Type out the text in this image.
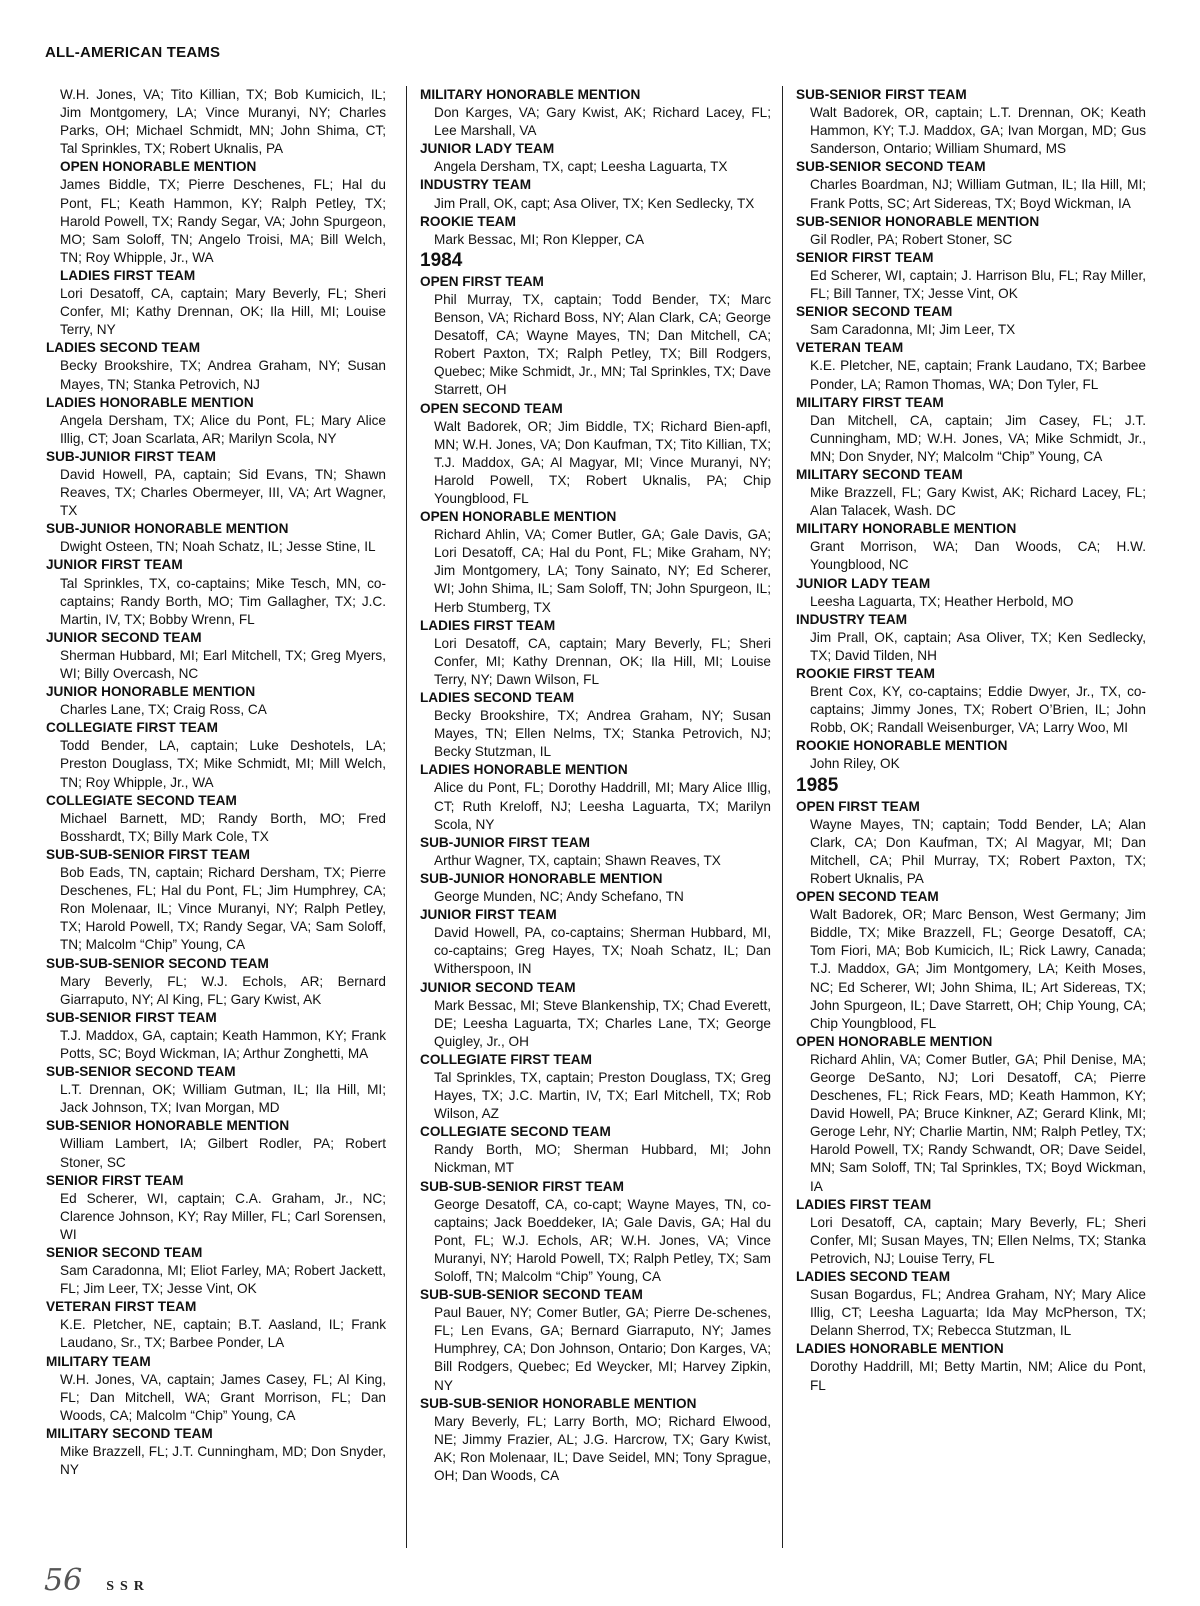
ALL-AMERICAN TEAMS
W.H. Jones, VA; Tito Killian, TX; Bob Kumicich, IL; Jim Montgomery, LA; Vince Muranyi, NY; Charles Parks, OH; Michael Schmidt, MN; John Shima, CT; Tal Sprinkles, TX; Robert Uknalis, PA
OPEN HONORABLE MENTION
James Biddle, TX; Pierre Deschenes, FL; Hal du Pont, FL; Keath Hammon, KY; Ralph Petley, TX; Harold Powell, TX; Randy Segar, VA; John Spurgeon, MO; Sam Soloff, TN; Angelo Troisi, MA; Bill Welch, TN; Roy Whipple, Jr., WA
LADIES FIRST TEAM
Lori Desatoff, CA, captain; Mary Beverly, FL; Sheri Confer, MI; Kathy Drennan, OK; Ila Hill, MI; Louise Terry, NY
LADIES SECOND TEAM
Becky Brookshire, TX; Andrea Graham, NY; Susan Mayes, TN; Stanka Petrovich, NJ
LADIES HONORABLE MENTION
Angela Dersham, TX; Alice du Pont, FL; Mary Alice Illig, CT; Joan Scarlata, AR; Marilyn Scola, NY
SUB-JUNIOR FIRST TEAM
David Howell, PA, captain; Sid Evans, TN; Shawn Reaves, TX; Charles Obermeyer, III, VA; Art Wagner, TX
SUB-JUNIOR HONORABLE MENTION
Dwight Osteen, TN; Noah Schatz, IL; Jesse Stine, IL
JUNIOR FIRST TEAM
Tal Sprinkles, TX, co-captains; Mike Tesch, MN, co-captains; Randy Borth, MO; Tim Gallagher, TX; J.C. Martin, IV, TX; Bobby Wrenn, FL
JUNIOR SECOND TEAM
Sherman Hubbard, MI; Earl Mitchell, TX; Greg Myers, WI; Billy Overcash, NC
JUNIOR HONORABLE MENTION
Charles Lane, TX; Craig Ross, CA
COLLEGIATE FIRST TEAM
Todd Bender, LA, captain; Luke Deshotels, LA; Preston Douglass, TX; Mike Schmidt, MI; Mill Welch, TN; Roy Whipple, Jr., WA
COLLEGIATE SECOND TEAM
Michael Barnett, MD; Randy Borth, MO; Fred Bosshardt, TX; Billy Mark Cole, TX
SUB-SUB-SENIOR FIRST TEAM
Bob Eads, TN, captain; Richard Dersham, TX; Pierre Deschenes, FL; Hal du Pont, FL; Jim Humphrey, CA; Ron Molenaar, IL; Vince Muranyi, NY; Ralph Petley, TX; Harold Powell, TX; Randy Segar, VA; Sam Soloff, TN; Malcolm “Chip” Young, CA
SUB-SUB-SENIOR SECOND TEAM
Mary Beverly, FL; W.J. Echols, AR; Bernard Giarraputo, NY; Al King, FL; Gary Kwist, AK
SUB-SENIOR FIRST TEAM
T.J. Maddox, GA, captain; Keath Hammon, KY; Frank Potts, SC; Boyd Wickman, IA; Arthur Zonghetti, MA
SUB-SENIOR SECOND TEAM
L.T. Drennan, OK; William Gutman, IL; Ila Hill, MI; Jack Johnson, TX; Ivan Morgan, MD
SUB-SENIOR HONORABLE MENTION
William Lambert, IA; Gilbert Rodler, PA; Robert Stoner, SC
SENIOR FIRST TEAM
Ed Scherer, WI, captain; C.A. Graham, Jr., NC; Clarence Johnson, KY; Ray Miller, FL; Carl Sorensen, WI
SENIOR SECOND TEAM
Sam Caradonna, MI; Eliot Farley, MA; Robert Jackett, FL; Jim Leer, TX; Jesse Vint, OK
VETERAN FIRST TEAM
K.E. Pletcher, NE, captain; B.T. Aasland, IL; Frank Laudano, Sr., TX; Barbee Ponder, LA
MILITARY TEAM
W.H. Jones, VA, captain; James Casey, FL; Al King, FL; Dan Mitchell, WA; Grant Morrison, FL; Dan Woods, CA; Malcolm “Chip” Young, CA
MILITARY SECOND TEAM
Mike Brazzell, FL; J.T. Cunningham, MD; Don Snyder, NY
MILITARY HONORABLE MENTION
Don Karges, VA; Gary Kwist, AK; Richard Lacey, FL; Lee Marshall, VA
JUNIOR LADY TEAM
Angela Dersham, TX, capt; Leesha Laguarta, TX
INDUSTRY TEAM
Jim Prall, OK, capt; Asa Oliver, TX; Ken Sedlecky, TX
ROOKIE TEAM
Mark Bessac, MI; Ron Klepper, CA
1984
OPEN FIRST TEAM
Phil Murray, TX, captain; Todd Bender, TX; Marc Benson, VA; Richard Boss, NY; Alan Clark, CA; George Desatoff, CA; Wayne Mayes, TN; Dan Mitchell, CA; Robert Paxton, TX; Ralph Petley, TX; Bill Rodgers, Quebec; Mike Schmidt, Jr., MN; Tal Sprinkles, TX; Dave Starrett, OH
OPEN SECOND TEAM
Walt Badorek, OR; Jim Biddle, TX; Richard Bien-apfl, MN; W.H. Jones, VA; Don Kaufman, TX; Tito Killian, TX; T.J. Maddox, GA; Al Magyar, MI; Vince Muranyi, NY; Harold Powell, TX; Robert Uknalis, PA; Chip Youngblood, FL
OPEN HONORABLE MENTION
Richard Ahlin, VA; Comer Butler, GA; Gale Davis, GA; Lori Desatoff, CA; Hal du Pont, FL; Mike Graham, NY; Jim Montgomery, LA; Tony Sainato, NY; Ed Scherer, WI; John Shima, IL; Sam Soloff, TN; John Spurgeon, IL; Herb Stumberg, TX
LADIES FIRST TEAM
Lori Desatoff, CA, captain; Mary Beverly, FL; Sheri Confer, MI; Kathy Drennan, OK; Ila Hill, MI; Louise Terry, NY; Dawn Wilson, FL
LADIES SECOND TEAM
Becky Brookshire, TX; Andrea Graham, NY; Susan Mayes, TN; Ellen Nelms, TX; Stanka Petrovich, NJ; Becky Stutzman, IL
LADIES HONORABLE MENTION
Alice du Pont, FL; Dorothy Haddrill, MI; Mary Alice Illig, CT; Ruth Kreloff, NJ; Leesha Laguarta, TX; Marilyn Scola, NY
SUB-JUNIOR FIRST TEAM
Arthur Wagner, TX, captain; Shawn Reaves, TX
SUB-JUNIOR HONORABLE MENTION
George Munden, NC; Andy Schefano, TN
JUNIOR FIRST TEAM
David Howell, PA, co-captains; Sherman Hubbard, MI, co-captains; Greg Hayes, TX; Noah Schatz, IL; Dan Witherspoon, IN
JUNIOR SECOND TEAM
Mark Bessac, MI; Steve Blankenship, TX; Chad Everett, DE; Leesha Laguarta, TX; Charles Lane, TX; George Quigley, Jr., OH
COLLEGIATE FIRST TEAM
Tal Sprinkles, TX, captain; Preston Douglass, TX; Greg Hayes, TX; J.C. Martin, IV, TX; Earl Mitchell, TX; Rob Wilson, AZ
COLLEGIATE SECOND TEAM
Randy Borth, MO; Sherman Hubbard, MI; John Nickman, MT
SUB-SUB-SENIOR FIRST TEAM
George Desatoff, CA, co-capt; Wayne Mayes, TN, co-captains; Jack Boeddeker, IA; Gale Davis, GA; Hal du Pont, FL; W.J. Echols, AR; W.H. Jones, VA; Vince Muranyi, NY; Harold Powell, TX; Ralph Petley, TX; Sam Soloff, TN; Malcolm “Chip” Young, CA
SUB-SUB-SENIOR SECOND TEAM
Paul Bauer, NY; Comer Butler, GA; Pierre De-schenes, FL; Len Evans, GA; Bernard Giarraputo, NY; James Humphrey, CA; Don Johnson, Ontario; Don Karges, VA; Bill Rodgers, Quebec; Ed Weycker, MI; Harvey Zipkin, NY
SUB-SUB-SENIOR HONORABLE MENTION
Mary Beverly, FL; Larry Borth, MO; Richard Elwood, NE; Jimmy Frazier, AL; J.G. Harcrow, TX; Gary Kwist, AK; Ron Molenaar, IL; Dave Seidel, MN; Tony Sprague, OH; Dan Woods, CA
SUB-SENIOR FIRST TEAM
Walt Badorek, OR, captain; L.T. Drennan, OK; Keath Hammon, KY; T.J. Maddox, GA; Ivan Morgan, MD; Gus Sanderson, Ontario; William Shumard, MS
SUB-SENIOR SECOND TEAM
Charles Boardman, NJ; William Gutman, IL; Ila Hill, MI; Frank Potts, SC; Art Sidereas, TX; Boyd Wickman, IA
SUB-SENIOR HONORABLE MENTION
Gil Rodler, PA; Robert Stoner, SC
SENIOR FIRST TEAM
Ed Scherer, WI, captain; J. Harrison Blu, FL; Ray Miller, FL; Bill Tanner, TX; Jesse Vint, OK
SENIOR SECOND TEAM
Sam Caradonna, MI; Jim Leer, TX
VETERAN TEAM
K.E. Pletcher, NE, captain; Frank Laudano, TX; Barbee Ponder, LA; Ramon Thomas, WA; Don Tyler, FL
MILITARY FIRST TEAM
Dan Mitchell, CA, captain; Jim Casey, FL; J.T. Cunningham, MD; W.H. Jones, VA; Mike Schmidt, Jr., MN; Don Snyder, NY; Malcolm “Chip” Young, CA
MILITARY SECOND TEAM
Mike Brazzell, FL; Gary Kwist, AK; Richard Lacey, FL; Alan Talacek, Wash. DC
MILITARY HONORABLE MENTION
Grant Morrison, WA; Dan Woods, CA; H.W. Youngblood, NC
JUNIOR LADY TEAM
Leesha Laguarta, TX; Heather Herbold, MO
INDUSTRY TEAM
Jim Prall, OK, captain; Asa Oliver, TX; Ken Sedlecky, TX; David Tilden, NH
ROOKIE FIRST TEAM
Brent Cox, KY, co-captains; Eddie Dwyer, Jr., TX, co-captains; Jimmy Jones, TX; Robert O’Brien, IL; John Robb, OK; Randall Weisenburger, VA; Larry Woo, MI
ROOKIE HONORABLE MENTION
John Riley, OK
1985
OPEN FIRST TEAM
Wayne Mayes, TN; captain; Todd Bender, LA; Alan Clark, CA; Don Kaufman, TX; Al Magyar, MI; Dan Mitchell, CA; Phil Murray, TX; Robert Paxton, TX; Robert Uknalis, PA
OPEN SECOND TEAM
Walt Badorek, OR; Marc Benson, West Germany; Jim Biddle, TX; Mike Brazzell, FL; George Desatoff, CA; Tom Fiori, MA; Bob Kumicich, IL; Rick Lawry, Canada; T.J. Maddox, GA; Jim Montgomery, LA; Keith Moses, NC; Ed Scherer, WI; John Shima, IL; Art Sidereas, TX; John Spurgeon, IL; Dave Starrett, OH; Chip Young, CA; Chip Youngblood, FL
OPEN HONORABLE MENTION
Richard Ahlin, VA; Comer Butler, GA; Phil Denise, MA; George DeSanto, NJ; Lori Desatoff, CA; Pierre Deschenes, FL; Rick Fears, MD; Keath Hammon, KY; David Howell, PA; Bruce Kinkner, AZ; Gerard Klink, MI; Geroge Lehr, NY; Charlie Martin, NM; Ralph Petley, TX; Harold Powell, TX; Randy Schwandt, OR; Dave Seidel, MN; Sam Soloff, TN; Tal Sprinkles, TX; Boyd Wickman, IA
LADIES FIRST TEAM
Lori Desatoff, CA, captain; Mary Beverly, FL; Sheri Confer, MI; Susan Mayes, TN; Ellen Nelms, TX; Stanka Petrovich, NJ; Louise Terry, FL
LADIES SECOND TEAM
Susan Bogardus, FL; Andrea Graham, NY; Mary Alice Illig, CT; Leesha Laguarta; Ida May McPherson, TX; Delann Sherrod, TX; Rebecca Stutzman, IL
LADIES HONORABLE MENTION
Dorothy Haddrill, MI; Betty Martin, NM; Alice du Pont, FL
56 SSR
